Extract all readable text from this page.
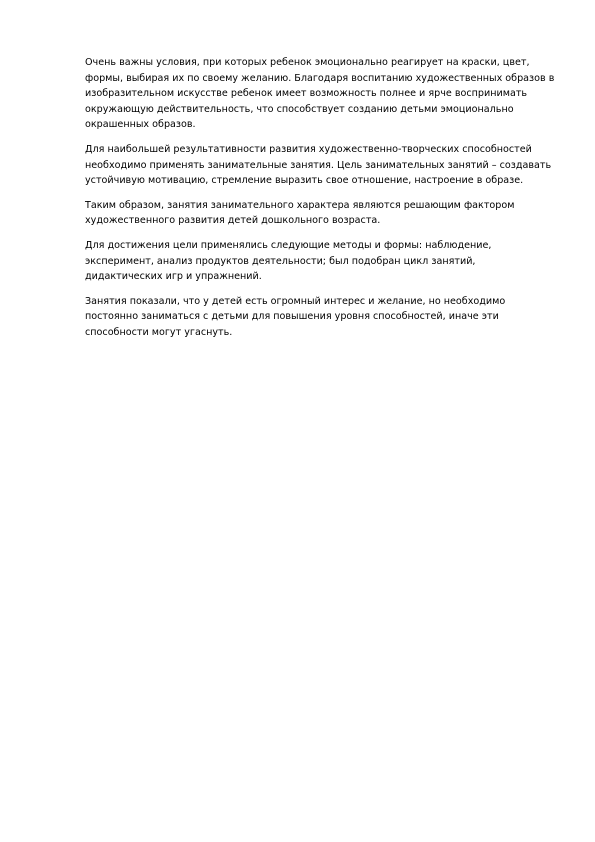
Очень важны условия, при которых ребенок эмоционально реагирует на краски, цвет, формы, выбирая их по своему желанию. Благодаря воспитанию художественных образов в изобразительном искусстве ребенок имеет возможность полнее и ярче воспринимать окружающую действительность, что способствует созданию детьми эмоционально окрашенных образов.

Для наибольшей результативности развития художественно-творческих способностей необходимо применять занимательные занятия. Цель занимательных занятий – создавать устойчивую мотивацию, стремление выразить свое отношение, настроение в образе.

Таким образом, занятия занимательного характера являются решающим фактором художественного развития детей дошкольного возраста.

Для достижения цели применялись следующие методы и формы: наблюдение, эксперимент, анализ продуктов деятельности; был подобран цикл занятий, дидактических игр и упражнений.

Занятия показали, что у детей есть огромный интерес и желание, но необходимо постоянно заниматься с детьми для повышения уровня способностей, иначе эти способности могут угаснуть.
